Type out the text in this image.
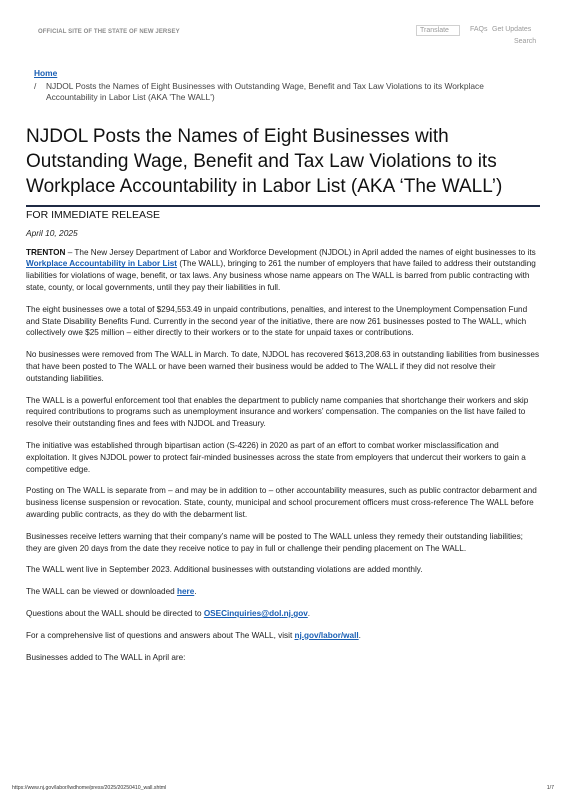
OFFICIAL SITE OF THE STATE OF NEW JERSEY	Translate	FAQs Get Updates
Search
Home
/	NJDOL Posts the Names of Eight Businesses with Outstanding Wage, Benefit and Tax Law Violations to its Workplace Accountability in Labor List (AKA 'The WALL')
NJDOL Posts the Names of Eight Businesses with Outstanding Wage, Benefit and Tax Law Violations to its Workplace Accountability in Labor List (AKA ‘The WALL’)
FOR IMMEDIATE RELEASE
April 10, 2025

TRENTON – The New Jersey Department of Labor and Workforce Development (NJDOL) in April added the names of eight businesses to its Workplace Accountability in Labor List (The WALL), bringing to 261 the number of employers that have failed to address their outstanding liabilities for violations of wage, benefit, or tax laws. Any business whose name appears on The WALL is barred from public contracting with state, county, or local governments, until they pay their liabilities in full.

The eight businesses owe a total of $294,553.49 in unpaid contributions, penalties, and interest to the Unemployment Compensation Fund and State Disability Benefits Fund. Currently in the second year of the initiative, there are now 261 businesses posted to The WALL, which collectively owe $25 million – either directly to their workers or to the state for unpaid taxes or contributions.

No businesses were removed from The WALL in March. To date, NJDOL has recovered $613,208.63 in outstanding liabilities from businesses that have been posted to The WALL or have been warned their business would be added to The WALL if they did not resolve their outstanding liabilities.

The WALL is a powerful enforcement tool that enables the department to publicly name companies that shortchange their workers and skip required contributions to programs such as unemployment insurance and workers’ compensation. The companies on the list have failed to resolve their outstanding fines and fees with NJDOL and Treasury.

The initiative was established through bipartisan action (S-4226) in 2020 as part of an effort to combat worker misclassification and exploitation. It gives NJDOL power to protect fair-minded businesses across the state from employers that undercut their workers to gain a competitive edge.

Posting on The WALL is separate from – and may be in addition to – other accountability measures, such as public contractor debarment and business license suspension or revocation. State, county, municipal and school procurement officers must cross-reference The WALL before awarding public contracts, as they do with the debarment list.

Businesses receive letters warning that their company’s name will be posted to The WALL unless they remedy their outstanding liabilities; they are given 20 days from the date they receive notice to pay in full or challenge their pending placement on The WALL.

The WALL went live in September 2023. Additional businesses with outstanding violations are added monthly.

The WALL can be viewed or downloaded here.

Questions about the WALL should be directed to OSECinquiries@dol.nj.gov.

For a comprehensive list of questions and answers about The WALL, visit nj.gov/labor/wall.

Businesses added to The WALL in April are:

https://www.nj.gov/labor/lwdhome/press/2025/20250410_wall.shtml	1/7
